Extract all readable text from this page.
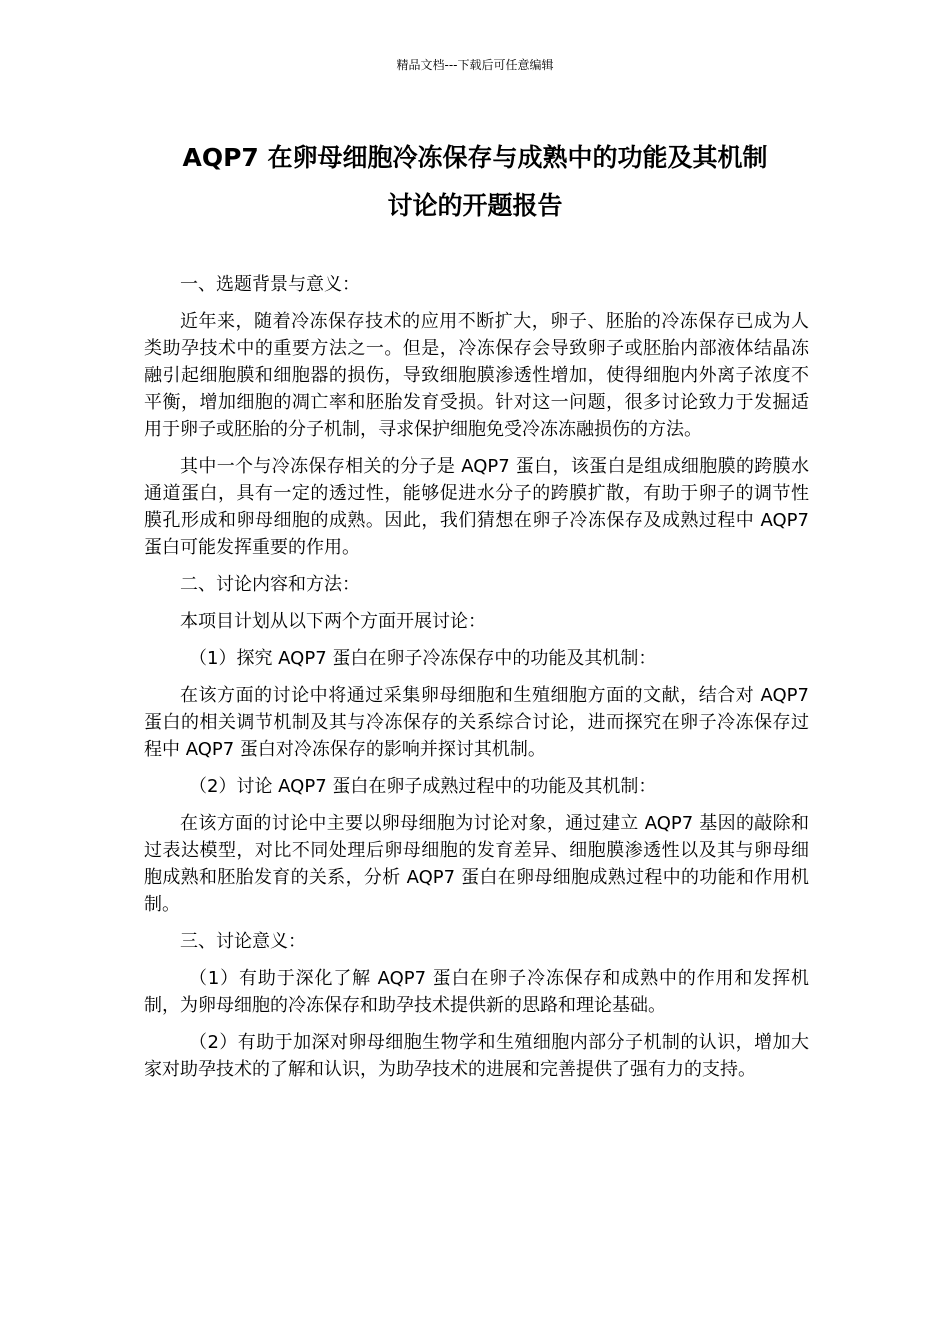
精品文档---下载后可任意编辑
AQP7 在卵母细胞冷冻保存与成熟中的功能及其机制
讨论的开题报告

一、选题背景与意义：

近年来，随着冷冻保存技术的应用不断扩大，卵子、胚胎的冷冻保存已成为人类助孕技术中的重要方法之一。但是，冷冻保存会导致卵子或胚胎内部液体结晶冻融引起细胞膜和细胞器的损伤，导致细胞膜渗透性增加，使得细胞内外离子浓度不平衡，增加细胞的凋亡率和胚胎发育受损。针对这一问题，很多讨论致力于发掘适用于卵子或胚胎的分子机制，寻求保护细胞免受冷冻冻融损伤的方法。

其中一个与冷冻保存相关的分子是 AQP7 蛋白，该蛋白是组成细胞膜的跨膜水通道蛋白，具有一定的透过性，能够促进水分子的跨膜扩散，有助于卵子的调节性膜孔形成和卵母细胞的成熟。因此，我们猜想在卵子冷冻保存及成熟过程中 AQP7 蛋白可能发挥重要的作用。

二、讨论内容和方法：

本项目计划从以下两个方面开展讨论：

（1）探究 AQP7 蛋白在卵子冷冻保存中的功能及其机制：

在该方面的讨论中将通过采集卵母细胞和生殖细胞方面的文献，结合对 AQP7 蛋白的相关调节机制及其与冷冻保存的关系综合讨论，进而探究在卵子冷冻保存过程中 AQP7 蛋白对冷冻保存的影响并探讨其机制。

（2）讨论 AQP7 蛋白在卵子成熟过程中的功能及其机制：

在该方面的讨论中主要以卵母细胞为讨论对象，通过建立 AQP7 基因的敲除和过表达模型，对比不同处理后卵母细胞的发育差异、细胞膜渗透性以及其与卵母细胞成熟和胚胎发育的关系，分析 AQP7 蛋白在卵母细胞成熟过程中的功能和作用机制。

三、讨论意义：

（1）有助于深化了解 AQP7 蛋白在卵子冷冻保存和成熟中的作用和发挥机制，为卵母细胞的冷冻保存和助孕技术提供新的思路和理论基础。

（2）有助于加深对卵母细胞生物学和生殖细胞内部分子机制的认识，增加大家对助孕技术的了解和认识，为助孕技术的进展和完善提供了强有力的支持。
